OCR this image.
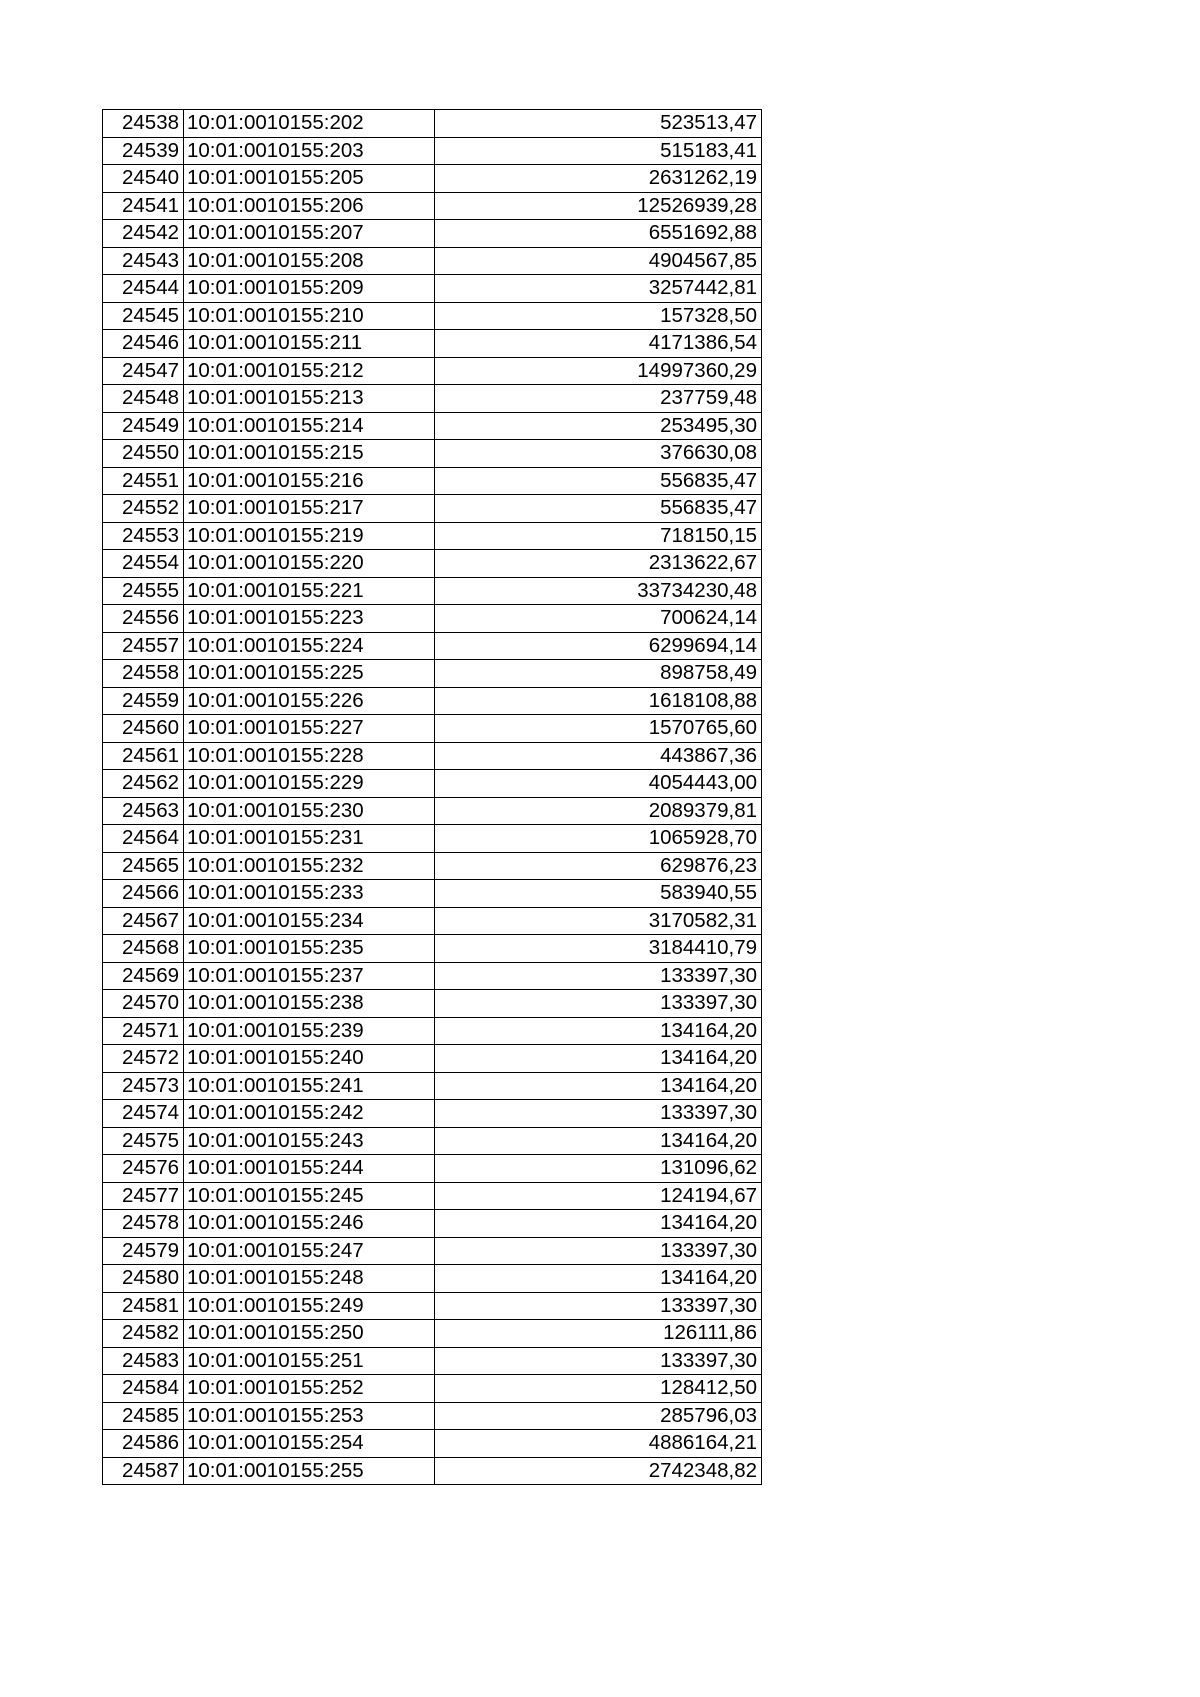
24538	10:01:0010155:202	523513,47
24539	10:01:0010155:203	515183,41
24540	10:01:0010155:205	2631262,19
24541	10:01:0010155:206	12526939,28
24542	10:01:0010155:207	6551692,88
24543	10:01:0010155:208	4904567,85
24544	10:01:0010155:209	3257442,81
24545	10:01:0010155:210	157328,50
24546	10:01:0010155:211	4171386,54
24547	10:01:0010155:212	14997360,29
24548	10:01:0010155:213	237759,48
24549	10:01:0010155:214	253495,30
24550	10:01:0010155:215	376630,08
24551	10:01:0010155:216	556835,47
24552	10:01:0010155:217	556835,47
24553	10:01:0010155:219	718150,15
24554	10:01:0010155:220	2313622,67
24555	10:01:0010155:221	33734230,48
24556	10:01:0010155:223	700624,14
24557	10:01:0010155:224	6299694,14
24558	10:01:0010155:225	898758,49
24559	10:01:0010155:226	1618108,88
24560	10:01:0010155:227	1570765,60
24561	10:01:0010155:228	443867,36
24562	10:01:0010155:229	4054443,00
24563	10:01:0010155:230	2089379,81
24564	10:01:0010155:231	1065928,70
24565	10:01:0010155:232	629876,23
24566	10:01:0010155:233	583940,55
24567	10:01:0010155:234	3170582,31
24568	10:01:0010155:235	3184410,79
24569	10:01:0010155:237	133397,30
24570	10:01:0010155:238	133397,30
24571	10:01:0010155:239	134164,20
24572	10:01:0010155:240	134164,20
24573	10:01:0010155:241	134164,20
24574	10:01:0010155:242	133397,30
24575	10:01:0010155:243	134164,20
24576	10:01:0010155:244	131096,62
24577	10:01:0010155:245	124194,67
24578	10:01:0010155:246	134164,20
24579	10:01:0010155:247	133397,30
24580	10:01:0010155:248	134164,20
24581	10:01:0010155:249	133397,30
24582	10:01:0010155:250	126111,86
24583	10:01:0010155:251	133397,30
24584	10:01:0010155:252	128412,50
24585	10:01:0010155:253	285796,03
24586	10:01:0010155:254	4886164,21
24587	10:01:0010155:255	2742348,82
